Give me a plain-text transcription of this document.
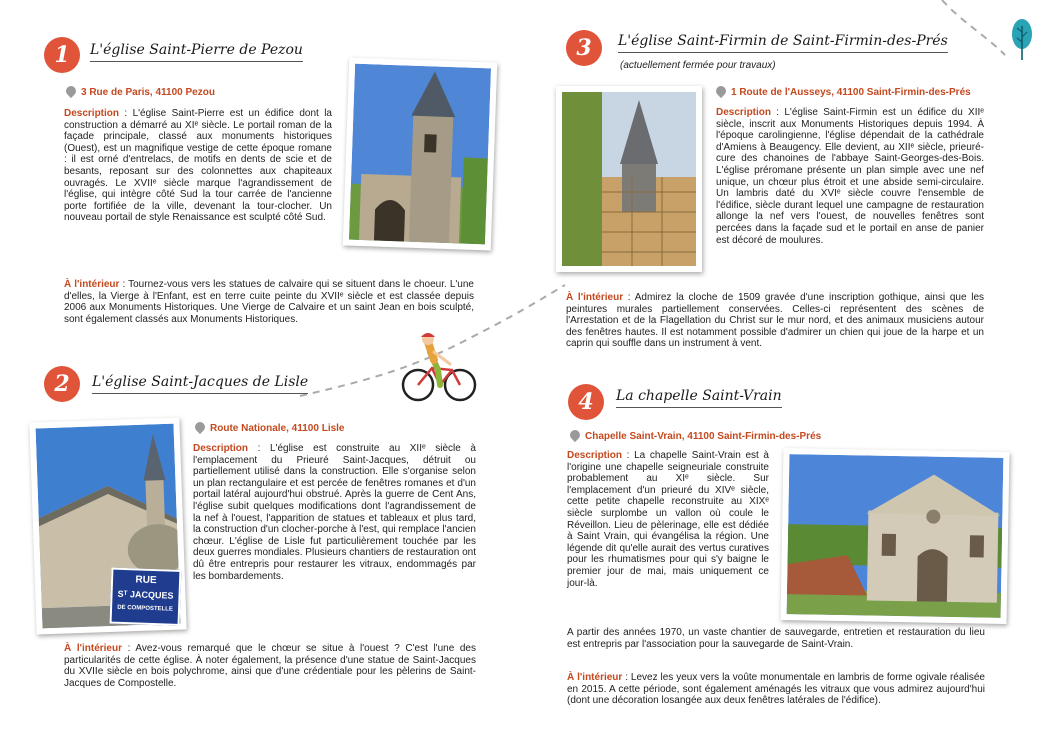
1	L'église Saint-Pierre de Pezou
3 Rue de Paris, 41100 Pezou
Description : L'église Saint-Pierre est un édifice dont la construction a démarré au XIᵉ siècle. Le portail roman de la façade principale, classé aux monuments historiques (Ouest), est un magnifique vestige de cette époque romane : il est orné d'entrelacs, de motifs en dents de scie et de besants, reposant sur des colonnettes aux chapiteaux ouvragés. Le XVIIᵉ siècle marque l'agrandissement de l'église, qui intègre côté Sud la tour carrée de l'ancienne porte fortifiée de la ville, devenant la tour-clocher. Un nouveau portail de style Renaissance est sculpté côté Sud.
À l'intérieur : Tournez-vous vers les statues de calvaire qui se situent dans le choeur. L'une d'elles, la Vierge à l'Enfant, est en terre cuite peinte du XVIIᵉ siècle et est classée depuis 2006 aux Monuments Historiques. Une Vierge de Calvaire et un saint Jean en bois sculpté, sont également classés aux Monuments Historiques.
2	L'église Saint-Jacques de Lisle
Route Nationale, 41100 Lisle
Description : L'église est construite au XIIᵉ siècle à l'emplacement du Prieuré Saint-Jacques, détruit ou partiellement utilisé dans la construction. Elle s'organise selon un plan rectangulaire et est percée de fenêtres romanes et d'un portail latéral aujourd'hui obstrué. Après la guerre de Cent Ans, l'église subit quelques modifications dont l'agrandissement de la nef à l'ouest, l'apparition de statues et tableaux et plus tard, la construction d'un clocher-porche à l'est, qui remplace l'ancien chœur. L'église de Lisle fut particulièrement touchée par les deux guerres mondiales. Plusieurs chantiers de restauration ont dû être entrepris pour restaurer les vitraux, endommagés par les bombardements.
À l'intérieur : Avez-vous remarqué que le chœur se situe à l'ouest ? C'est l'une des particularités de cette église. À noter également, la présence d'une statue de Saint-Jacques du XVIIe siècle en bois polychrome, ainsi que d'une crédentiale pour les pèlerins de Saint-Jacques de Compostelle.
RUE
Sᵀ JACQUES
DE COMPOSTELLE
3	L'église Saint-Firmin de Saint-Firmin-des-Prés
(actuellement fermée pour travaux)
1 Route de l'Ausseys, 41100 Saint-Firmin-des-Prés
Description : L'église Saint-Firmin est un édifice du XIIᵉ siècle, inscrit aux Monuments Historiques depuis 1994. À l'époque carolingienne, l'église dépendait de la cathédrale d'Amiens à Beaugency. Elle devient, au XIIᵉ siècle, prieuré-cure des chanoines de l'abbaye Saint-Georges-des-Bois. L'église préromane présente un plan simple avec une nef unique, un chœur plus étroit et une abside semi-circulaire. Un lambris daté du XVIᵉ siècle couvre l'ensemble de l'édifice, siècle durant lequel une campagne de restauration allonge la nef vers l'ouest, de nouvelles fenêtres sont percées dans la façade sud et le portail en anse de panier est décoré de moulures.
À l'intérieur : Admirez la cloche de 1509 gravée d'une inscription gothique, ainsi que les peintures murales partiellement conservées. Celles-ci représentent des scènes de l'Arrestation et de la Flagellation du Christ sur le mur nord, et des animaux musiciens autour des fenêtres hautes. Il est notamment possible d'admirer un chien qui joue de la harpe et un caprin qui souffle dans un instrument à vent.
4	La chapelle Saint-Vrain
Chapelle Saint-Vrain, 41100 Saint-Firmin-des-Prés
Description : La chapelle Saint-Vrain est à l'origine une chapelle seigneuriale construite probablement au XIᵉ siècle. Sur l'emplacement d'un prieuré du XIVᵉ siècle, cette petite chapelle reconstruite au XIXᵉ siècle surplombe un vallon où coule le Réveillon. Lieu de pèlerinage, elle est dédiée à Saint Vrain, qui évangélisa la région. Une légende dit qu'elle aurait des vertus curatives pour les rhumatismes pour qui s'y baigne le premier jour de mai, mais uniquement ce jour-là.
A partir des années 1970, un vaste chantier de sauvegarde, entretien et restauration du lieu est entrepris par l'association pour la sauvegarde de Saint-Vrain.
À l'intérieur : Levez les yeux vers la voûte monumentale en lambris de forme ogivale réalisée en 2015. A cette période, sont également aménagés les vitraux que vous admirez aujourd'hui (dont une décoration losangée aux deux fenêtres latérales de l'édifice).
